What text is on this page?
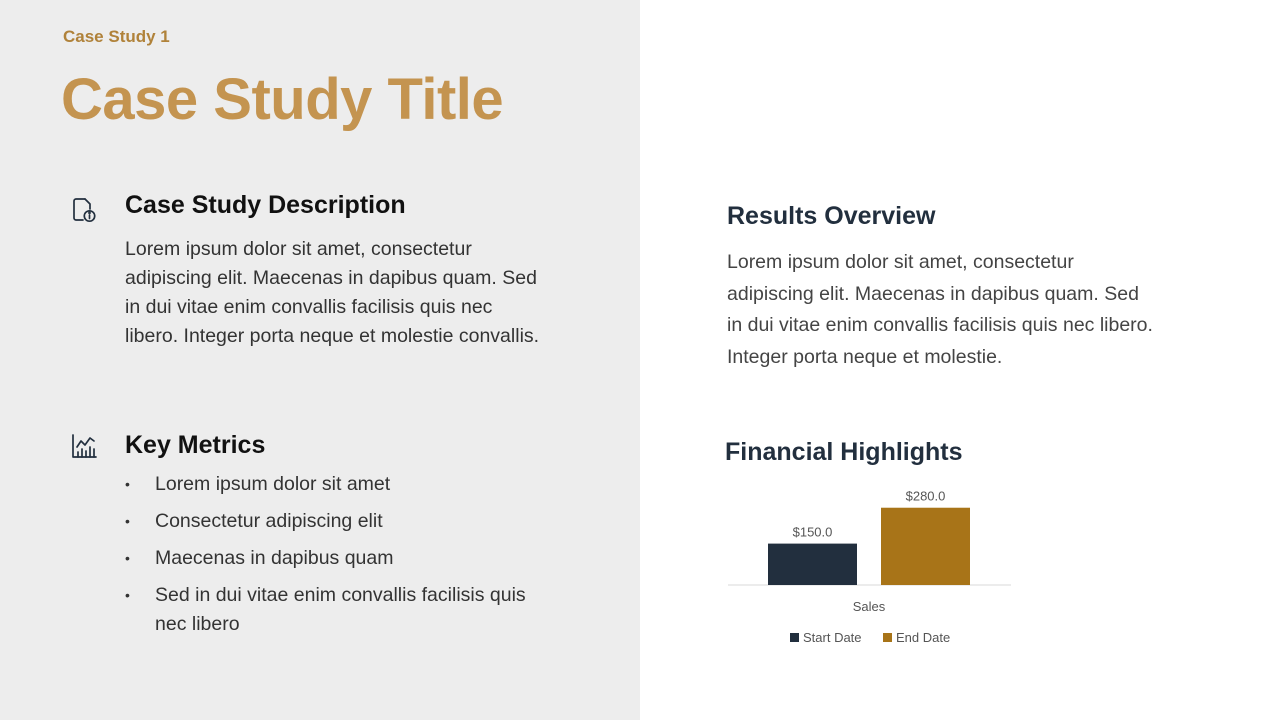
Case Study 1
Case Study Title
Case Study Description
Lorem ipsum dolor sit amet, consectetur adipiscing elit. Maecenas in dapibus quam. Sed in dui vitae enim convallis facilisis quis nec libero. Integer porta neque et molestie convallis.
Key Metrics
• Lorem ipsum dolor sit amet
• Consectetur adipiscing elit
• Maecenas in dapibus quam
• Sed in dui vitae enim convallis facilisis quis nec libero
Results Overview
Lorem ipsum dolor sit amet, consectetur adipiscing elit. Maecenas in dapibus quam. Sed in dui vitae enim convallis facilisis quis nec libero. Integer porta neque et molestie.
Financial Highlights
$150.0
$280.0
Sales
Start Date	End Date
